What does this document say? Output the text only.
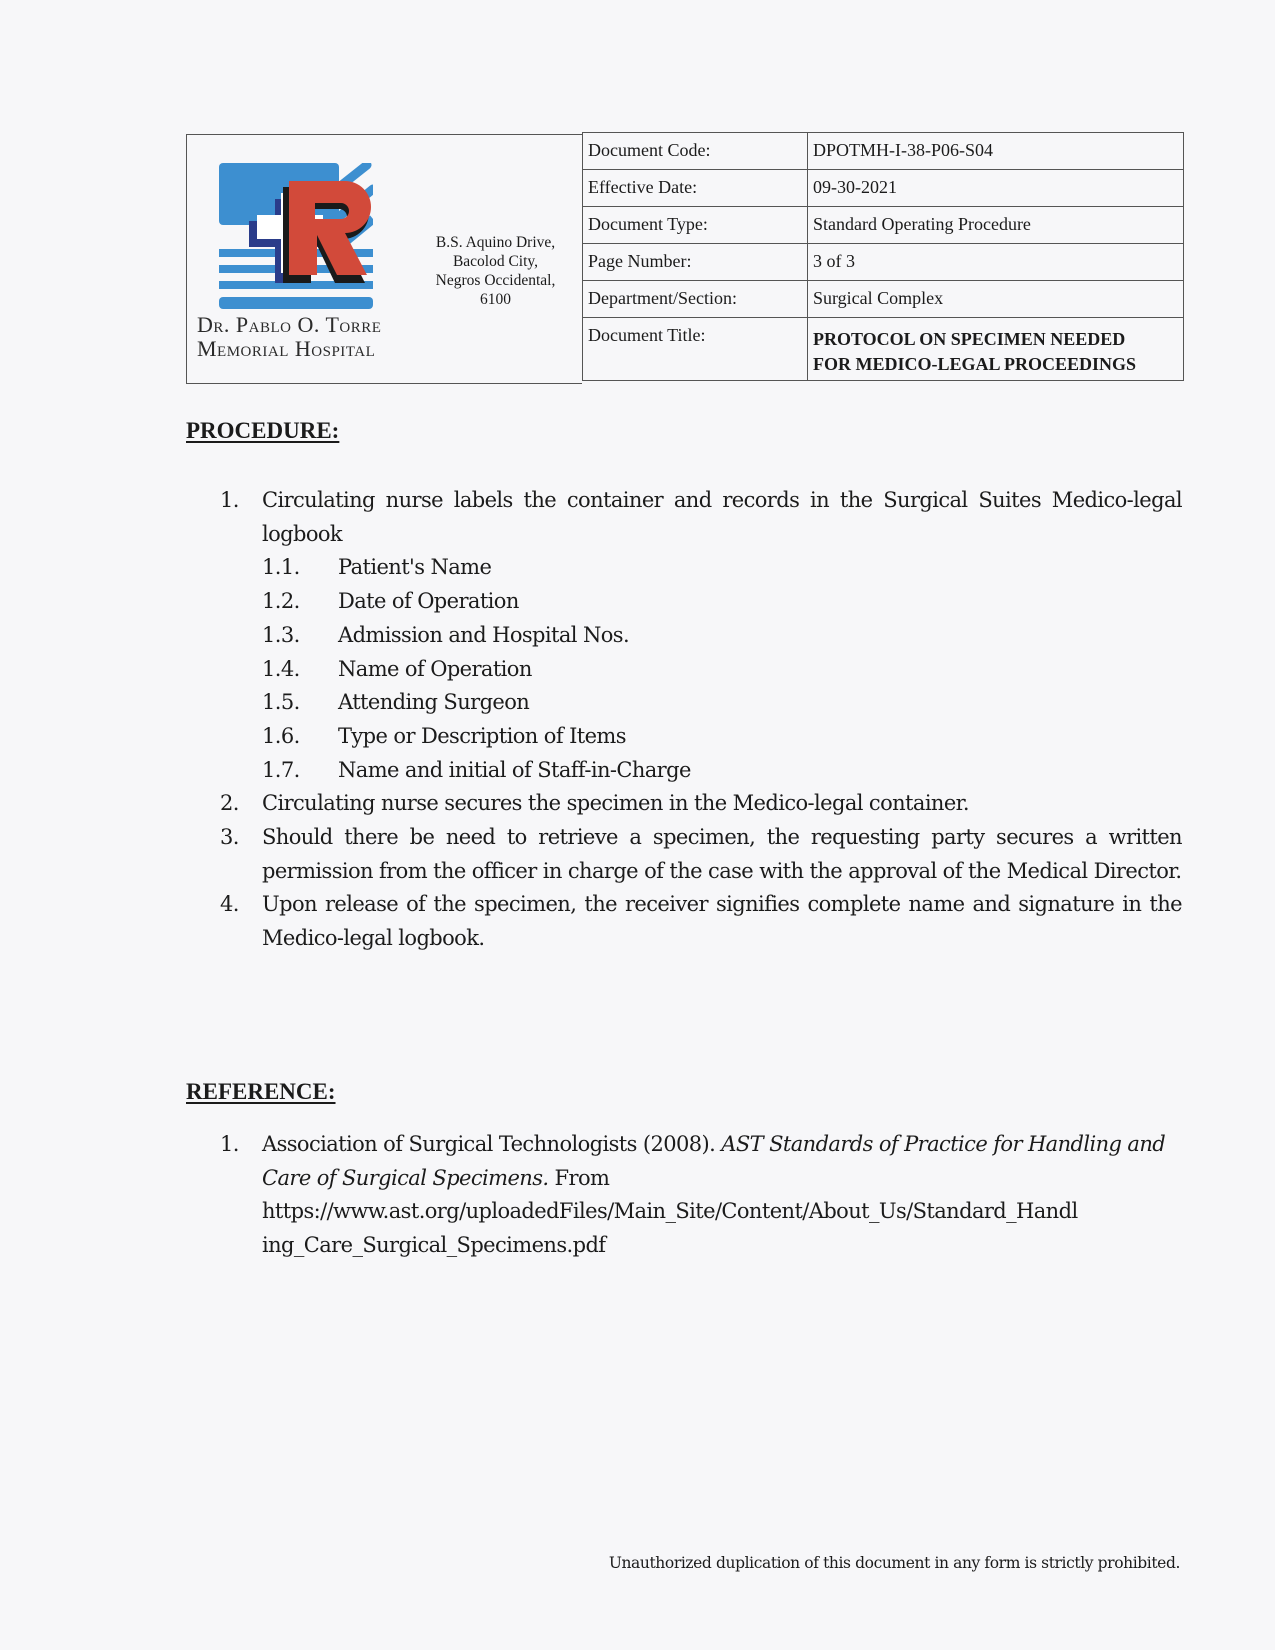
Dr. Pablo O. Torre
Memorial Hospital
B.S. Aquino Drive,
Bacolod City,
Negros Occidental,
6100
Document Code:	DPOTMH-I-38-P06-S04
Effective Date:	09-30-2021
Document Type:	Standard Operating Procedure
Page Number:	3 of 3
Department/Section:	Surgical Complex
Document Title:	PROTOCOL ON SPECIMEN NEEDED
FOR MEDICO-LEGAL PROCEEDINGS
PROCEDURE:
1.	Circulating nurse labels the container and records in the Surgical Suites Medico-legal logbook
1.1.	Patient's Name
1.2.	Date of Operation
1.3.	Admission and Hospital Nos.
1.4.	Name of Operation
1.5.	Attending Surgeon
1.6.	Type or Description of Items
1.7.	Name and initial of Staff-in-Charge
2.	Circulating nurse secures the specimen in the Medico-legal container.
3.	Should there be need to retrieve a specimen, the requesting party secures a written permission from the officer in charge of the case with the approval of the Medical Director.
4.	Upon release of the specimen, the receiver signifies complete name and signature in the Medico-legal logbook.
REFERENCE:
1.	Association of Surgical Technologists (2008). AST Standards of Practice for Handling and Care of Surgical Specimens. From
https://www.ast.org/uploadedFiles/Main_Site/Content/About_Us/Standard_Handl
ing_Care_Surgical_Specimens.pdf
Unauthorized duplication of this document in any form is strictly prohibited.
